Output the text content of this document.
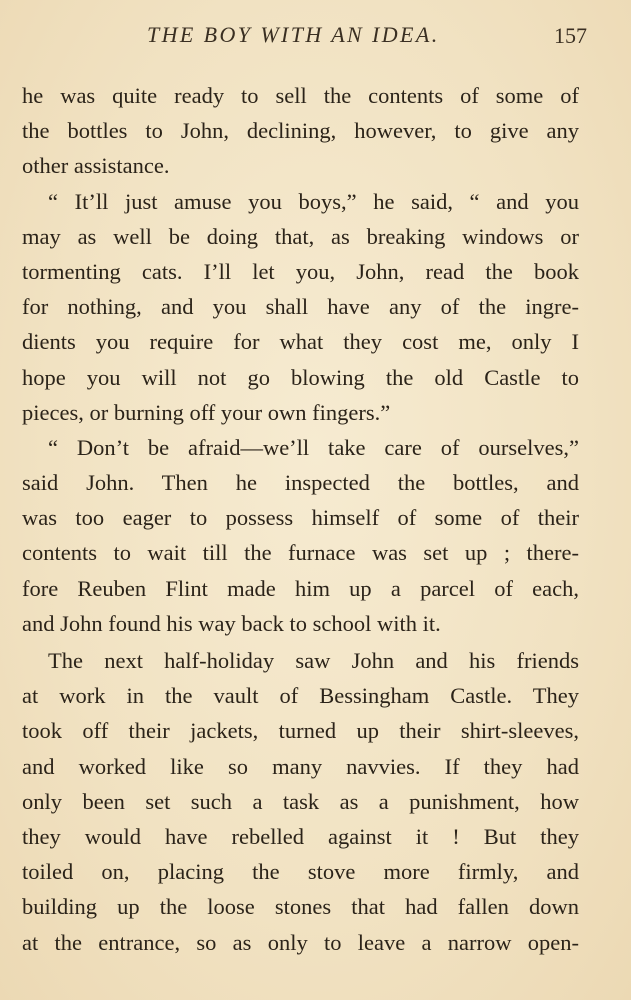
THE BOY WITH AN IDEA.	157
he was quite ready to sell the contents of some of
the bottles to John, declining, however, to give any
other assistance.
“ It’ll just amuse you boys,” he said, “ and you
may as well be doing that, as breaking windows or
tormenting cats. I’ll let you, John, read the book
for nothing, and you shall have any of the ingre-
dients you require for what they cost me, only I
hope you will not go blowing the old Castle to
pieces, or burning off your own fingers.”
“ Don’t be afraid—we’ll take care of ourselves,”
said John. Then he inspected the bottles, and
was too eager to possess himself of some of their
contents to wait till the furnace was set up ; there-
fore Reuben Flint made him up a parcel of each,
and John found his way back to school with it.
The next half-holiday saw John and his friends
at work in the vault of Bessingham Castle. They
took off their jackets, turned up their shirt-sleeves,
and worked like so many navvies. If they had
only been set such a task as a punishment, how
they would have rebelled against it ! But they
toiled on, placing the stove more firmly, and
building up the loose stones that had fallen down
at the entrance, so as only to leave a narrow open-
